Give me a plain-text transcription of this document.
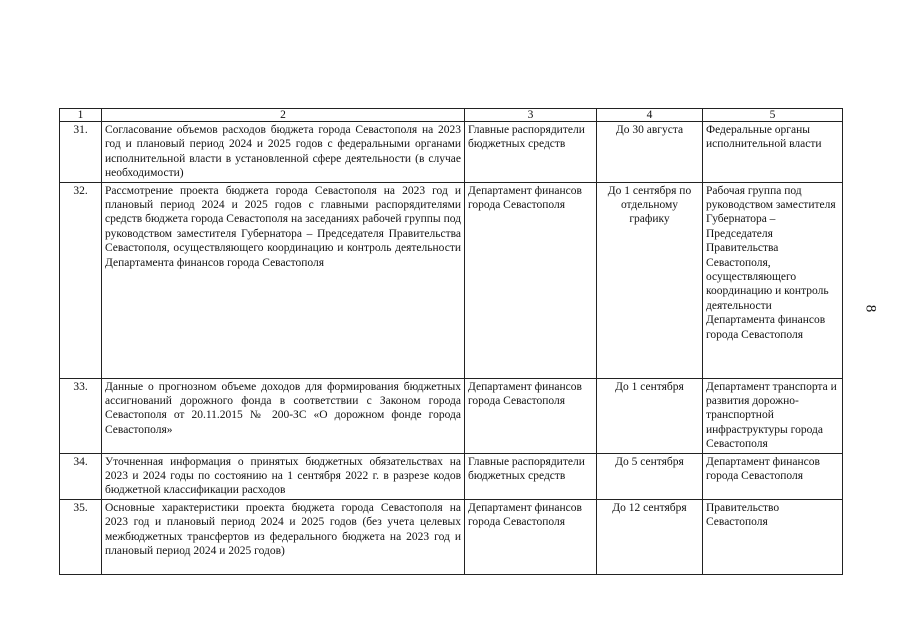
1	2	3	4	5
31.	Согласование объемов расходов бюджета города Севастополя на 2023 год и плановый период 2024 и 2025 годов с федеральными органами исполнительной власти в установленной сфере деятельности (в случае необходимости)	Главные распорядители бюджетных средств	До 30 августа	Федеральные органы исполнительной власти
32.	Рассмотрение проекта бюджета города Севастополя на 2023 год и плановый период 2024 и 2025 годов с главными распорядителями средств бюджета города Севастополя на заседаниях рабочей группы под руководством заместителя Губернатора – Председателя Правительства Севастополя, осуществляющего координацию и контроль деятельности Департамента финансов города Севастополя	Департамент финансов города Севастополя	До 1 сентября по отдельному графику	Рабочая группа под руководством заместителя Губернатора – Председателя Правительства Севастополя, осуществляющего координацию и контроль деятельности Департамента финансов города Севастополя
33.	Данные о прогнозном объеме доходов для формирования бюджетных ассигнований дорожного фонда в соответствии с Законом города Севастополя от 20.11.2015 № 200-ЗС «О дорожном фонде города Севастополя»	Департамент финансов города Севастополя	До 1 сентября	Департамент транспорта и развития дорожно-транспортной инфраструктуры города Севастополя
34.	Уточненная информация о принятых бюджетных обязательствах на 2023 и 2024 годы по состоянию на 1 сентября 2022 г. в разрезе кодов бюджетной классификации расходов	Главные распорядители бюджетных средств	До 5 сентября	Департамент финансов города Севастополя
35.	Основные характеристики проекта бюджета города Севастополя на 2023 год и плановый период 2024 и 2025 годов (без учета целевых межбюджетных трансфертов из федерального бюджета на 2023 год и плановый период 2024 и 2025 годов)	Департамент финансов города Севастополя	До 12 сентября	Правительство Севастополя
8
